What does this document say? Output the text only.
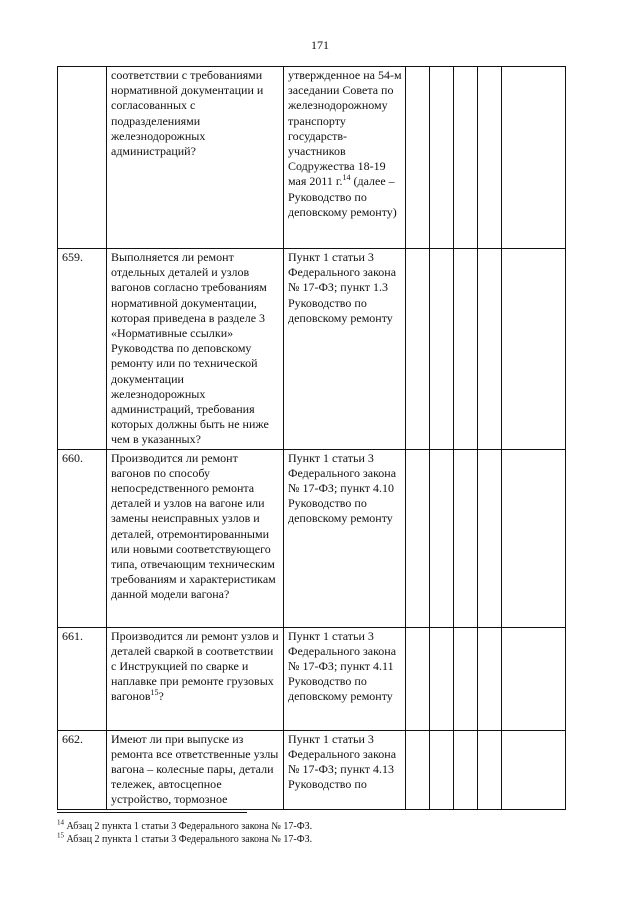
171
	соответствии с требованиями нормативной документации и согласованных с подразделениями железнодорожных администраций?	утвержденное на 54-м заседании Совета по железнодорожному транспорту государств-участников Содружества 18-19 мая 2011 г.$^{14}$ (далее – Руководство по деповскому ремонту)					
659.	Выполняется ли ремонт отдельных деталей и узлов вагонов согласно требованиям нормативной документации, которая приведена в разделе 3 «Нормативные ссылки» Руководства по деповскому ремонту или по технической документации железнодорожных администраций, требования которых должны быть не ниже чем в указанных?	Пункт 1 статьи 3 Федерального закона № 17-ФЗ; пункт 1.3 Руководство по деповскому ремонту					
660.	Производится ли ремонт вагонов по способу непосредственного ремонта деталей и узлов на вагоне или замены неисправных узлов и деталей, отремонтированными или новыми соответствующего типа, отвечающим техническим требованиям и характеристикам данной модели вагона?	Пункт 1 статьи 3 Федерального закона № 17-ФЗ; пункт 4.10 Руководство по деповскому ремонту					
661.	Производится ли ремонт узлов и деталей сваркой в соответствии с Инструкцией по сварке и наплавке при ремонте грузовых вагонов$^{15}$?	Пункт 1 статьи 3 Федерального закона № 17-ФЗ; пункт 4.11 Руководство по деповскому ремонту					
662.	Имеют ли при выпуске из ремонта все ответственные узлы вагона – колесные пары, детали тележек, автосцепное устройство, тормозное	Пункт 1 статьи 3 Федерального закона № 17-ФЗ; пункт 4.13 Руководство по					
$^{14}$ Абзац 2 пункта 1 статьи 3 Федерального закона № 17-ФЗ.
$^{15}$ Абзац 2 пункта 1 статьи 3 Федерального закона № 17-ФЗ.
